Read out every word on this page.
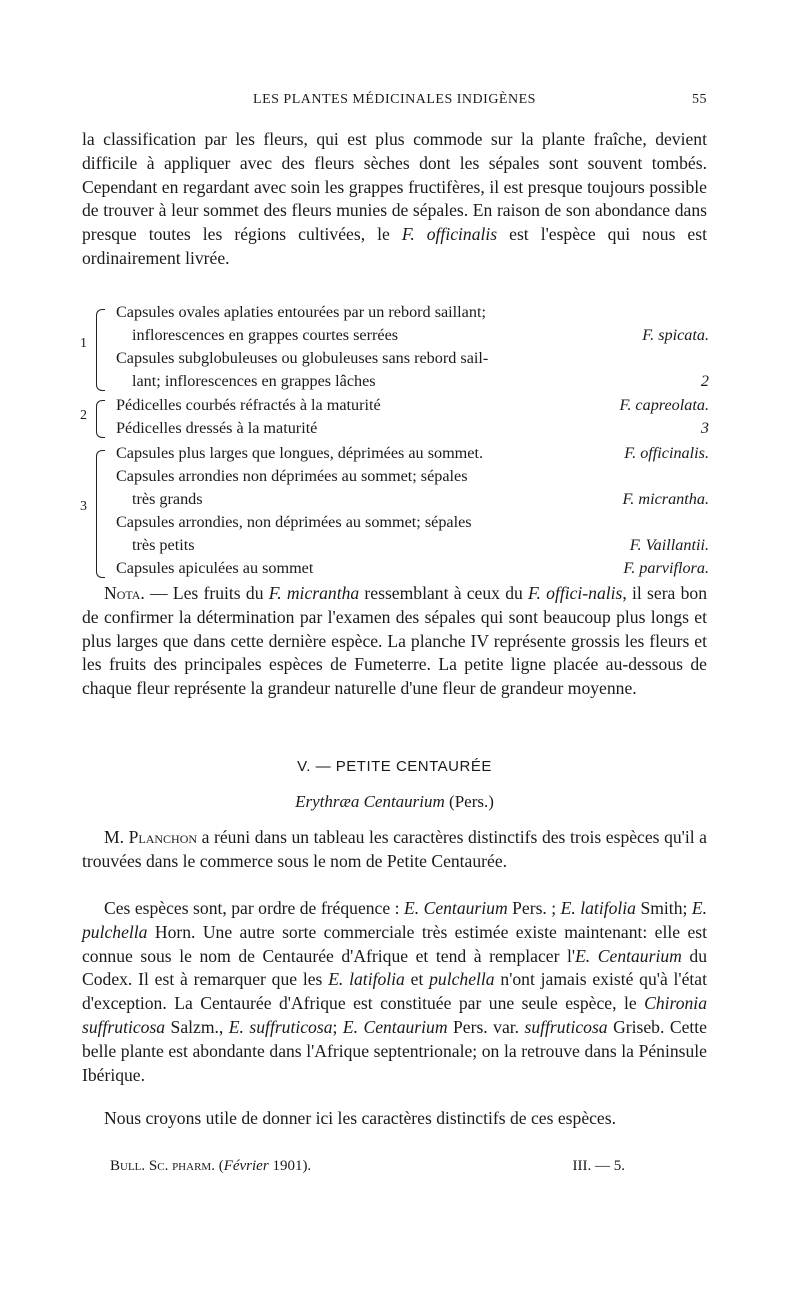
LES PLANTES MÉDICINALES INDIGÈNES	55

la classification par les fleurs, qui est plus commode sur la plante fraîche, devient difficile à appliquer avec des fleurs sèches dont les sépales sont souvent tombés. Cependant en regardant avec soin les grappes fructifères, il est presque toujours possible de trouver à leur sommet des fleurs munies de sépales. En raison de son abondance dans presque toutes les régions cultivées, le F. officinalis est l'espèce qui nous est ordinairement livrée.

1
Capsules ovales aplaties entourées par un rebord saillant;
inflorescences en grappes courtes serrées	F. spicata.
Capsules subglobuleuses ou globuleuses sans rebord sail-
lant; inflorescences en grappes lâches	2
2
Pédicelles courbés réfractés à la maturité	F. capreolata.
Pédicelles dressés à la maturité	3
3
Capsules plus larges que longues, déprimées au sommet.	F. officinalis.
Capsules arrondies non déprimées au sommet; sépales
très grands	F. micrantha.
Capsules arrondies, non déprimées au sommet; sépales
très petits	F. Vaillantii.
Capsules apiculées au sommet	F. parviflora.

Nota. — Les fruits du F. micrantha ressemblant à ceux du F. offici-nalis, il sera bon de confirmer la détermination par l'examen des sépales qui sont beaucoup plus longs et plus larges que dans cette dernière espèce. La planche IV représente grossis les fleurs et les fruits des principales espèces de Fumeterre. La petite ligne placée au-dessous de chaque fleur représente la grandeur naturelle d'une fleur de grandeur moyenne.

V. — PETITE CENTAURÉE
Erythræa Centaurium (Pers.)

M. Planchon a réuni dans un tableau les caractères distinctifs des trois espèces qu'il a trouvées dans le commerce sous le nom de Petite Centaurée.

Ces espèces sont, par ordre de fréquence : E. Centaurium Pers. ; E. latifolia Smith; E. pulchella Horn. Une autre sorte commerciale très estimée existe maintenant: elle est connue sous le nom de Centaurée d'Afrique et tend à remplacer l'E. Centaurium du Codex. Il est à remarquer que les E. latifolia et pulchella n'ont jamais existé qu'à l'état d'exception. La Centaurée d'Afrique est constituée par une seule espèce, le Chironia suffruticosa Salzm., E. suffruticosa; E. Centaurium Pers. var. suffruticosa Griseb. Cette belle plante est abondante dans l'Afrique septentrionale; on la retrouve dans la Péninsule Ibérique.

Nous croyons utile de donner ici les caractères distinctifs de ces espèces.

Bull. Sc. pharm. (Février 1901).	III. — 5.
